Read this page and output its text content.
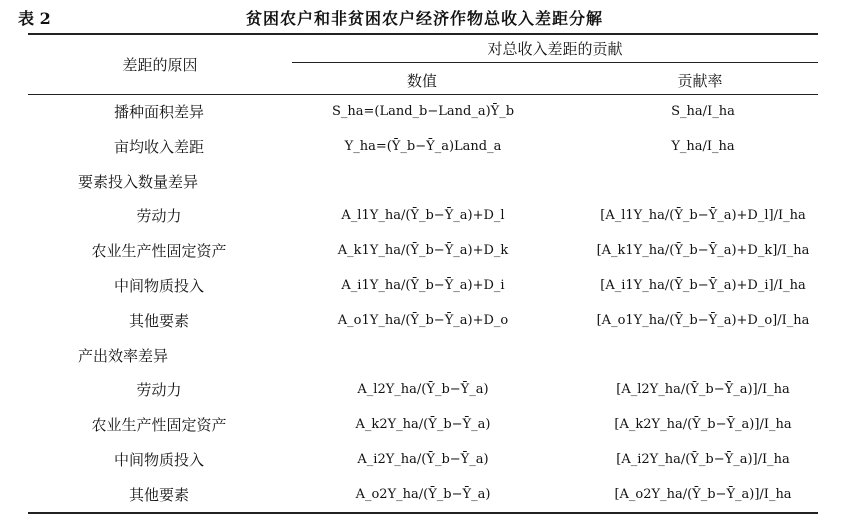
表 2	贫困农户和非贫困农户经济作物总收入差距分解
差距的原因
对总收入差距的贡献
数值	贡献率
播种面积差异	S_ha=(Land_b−Land_a)Ȳ_b	S_ha/I_ha
亩均收入差距	Y_ha=(Ȳ_b−Ȳ_a)Land_a	Y_ha/I_ha
要素投入数量差异
劳动力	A_l1Y_ha/(Ȳ_b−Ȳ_a)+D_l	[A_l1Y_ha/(Ȳ_b−Ȳ_a)+D_l]/I_ha
农业生产性固定资产	A_k1Y_ha/(Ȳ_b−Ȳ_a)+D_k	[A_k1Y_ha/(Ȳ_b−Ȳ_a)+D_k]/I_ha
中间物质投入	A_i1Y_ha/(Ȳ_b−Ȳ_a)+D_i	[A_i1Y_ha/(Ȳ_b−Ȳ_a)+D_i]/I_ha
其他要素	A_o1Y_ha/(Ȳ_b−Ȳ_a)+D_o	[A_o1Y_ha/(Ȳ_b−Ȳ_a)+D_o]/I_ha
产出效率差异
劳动力	A_l2Y_ha/(Ȳ_b−Ȳ_a)	[A_l2Y_ha/(Ȳ_b−Ȳ_a)]/I_ha
农业生产性固定资产	A_k2Y_ha/(Ȳ_b−Ȳ_a)	[A_k2Y_ha/(Ȳ_b−Ȳ_a)]/I_ha
中间物质投入	A_i2Y_ha/(Ȳ_b−Ȳ_a)	[A_i2Y_ha/(Ȳ_b−Ȳ_a)]/I_ha
其他要素	A_o2Y_ha/(Ȳ_b−Ȳ_a)	[A_o2Y_ha/(Ȳ_b−Ȳ_a)]/I_ha
